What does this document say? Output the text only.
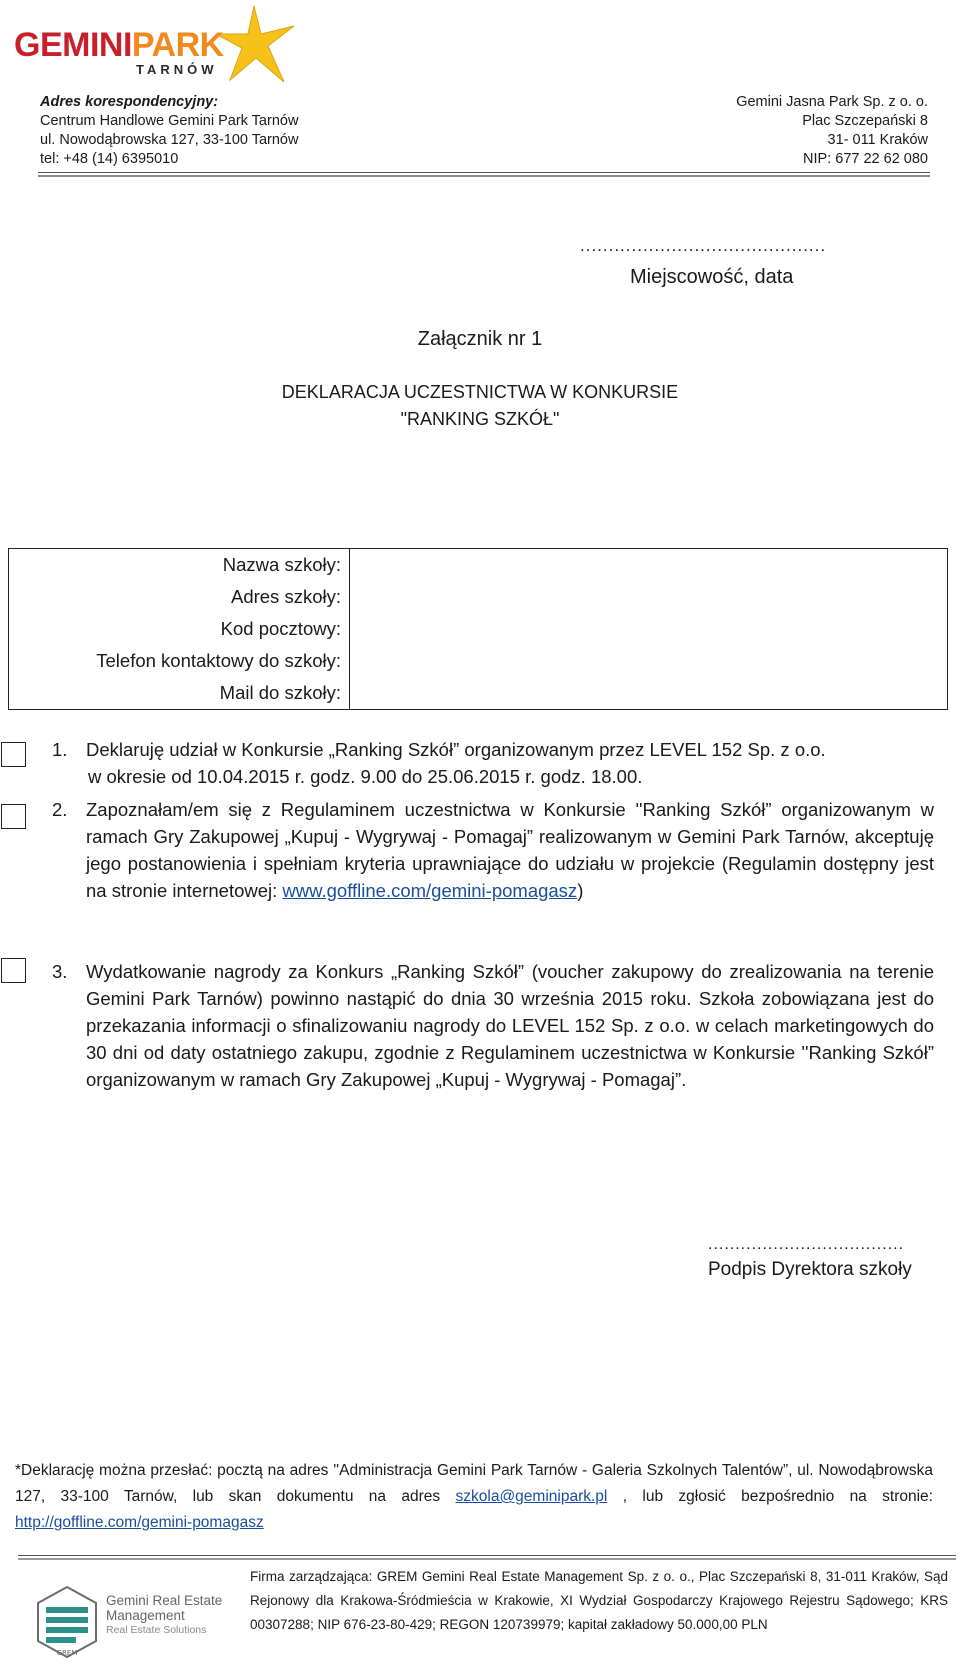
GEMINIPARK
TARNÓW
Adres korespondencyjny:
Centrum Handlowe Gemini Park Tarnów
ul. Nowodąbrowska 127, 33-100 Tarnów
tel: +48 (14) 6395010
Gemini Jasna Park Sp. z o. o.
Plac Szczepański 8
31- 011 Kraków
NIP: 677 22 62 080
...........................................
Miejscowość, data
Załącznik nr 1
DEKLARACJA UCZESTNICTWA W KONKURSIE
"RANKING SZKÓŁ"
Nazwa szkoły:
Adres szkoły:
Kod pocztowy:
Telefon kontaktowy do szkoły:
Mail do szkoły:

1. Deklaruję udział w Konkursie „Ranking Szkół” organizowanym przez LEVEL 152 Sp. z o.o.
w okresie od 10.04.2015 r. godz. 9.00 do 25.06.2015 r. godz. 18.00.
2.	Zapoznałam/em się z Regulaminem uczestnictwa w Konkursie ''Ranking Szkół” organizowanym w ramach Gry Zakupowej „Kupuj - Wygrywaj - Pomagaj” realizowanym w Gemini Park Tarnów, akceptuję jego postanowienia i spełniam kryteria uprawniające do udziału w projekcie (Regulamin dostępny jest na stronie internetowej: www.goffline.com/gemini-pomagasz)
3.	Wydatkowanie nagrody za Konkurs „Ranking Szkół” (voucher zakupowy do zrealizowania na terenie Gemini Park Tarnów) powinno nastąpić do dnia 30 września 2015 roku. Szkoła zobowiązana jest do przekazania informacji o sfinalizowaniu nagrody do LEVEL 152 Sp. z o.o. w celach marketingowych do 30 dni od daty ostatniego zakupu, zgodnie z Regulaminem uczestnictwa w Konkursie ''Ranking Szkół” organizowanym w ramach Gry Zakupowej „Kupuj - Wygrywaj - Pomagaj”.
....................................
Podpis Dyrektora szkoły
*Deklarację można przesłać: pocztą na adres ''Administracja Gemini Park Tarnów - Galeria Szkolnych Talentów”, ul. Nowodąbrowska 127, 33-100 Tarnów, lub skan dokumentu na adres szkola@geminipark.pl , lub zgłosić bezpośrednio na stronie: http://goffline.com/gemini-pomagasz
GREM
Gemini Real Estate
Management
Real Estate Solutions
Firma zarządzająca: GREM Gemini Real Estate Management Sp. z o. o., Plac Szczepański 8, 31-011 Kraków, Sąd Rejonowy dla Krakowa-Śródmieścia w Krakowie, XI Wydział Gospodarczy Krajowego Rejestru Sądowego; KRS 00307288; NIP 676-23-80-429; REGON 120739979; kapitał zakładowy 50.000,00 PLN
